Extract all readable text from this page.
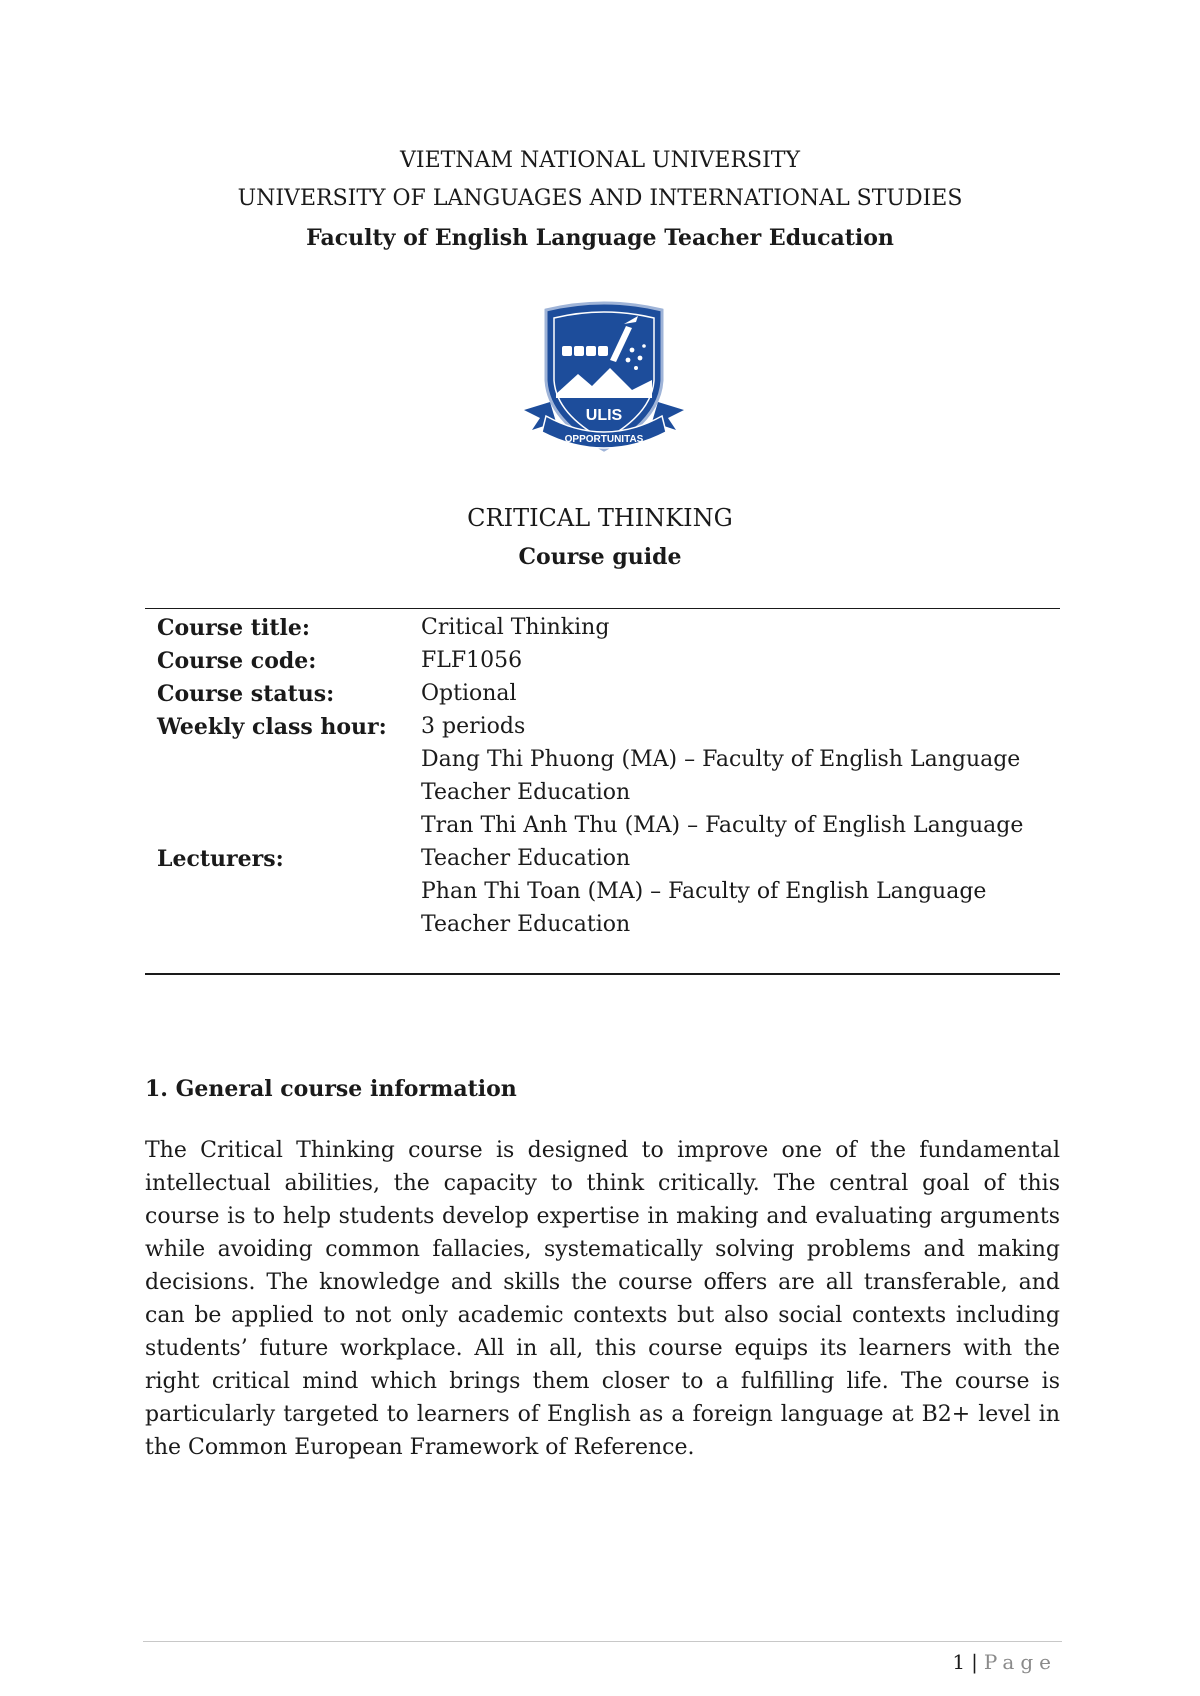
VIETNAM NATIONAL UNIVERSITY
UNIVERSITY OF LANGUAGES AND INTERNATIONAL STUDIES
Faculty of English Language Teacher Education
ULIS
OPPORTUNITAS
CRITICAL THINKING
Course guide
Course title:	Critical Thinking
Course code:	FLF1056
Course status:	Optional
Weekly class hour: 3 periods
Lecturers:
Dang Thi Phuong (MA) – Faculty of English Language
Teacher Education
Tran Thi Anh Thu (MA) – Faculty of English Language
Teacher Education
Phan Thi Toan (MA) – Faculty of English Language
Teacher Education
1. General course information
The Critical Thinking course is designed to improve one of the fundamental intellectual abilities, the capacity to think critically. The central goal of this course is to help students develop expertise in making and evaluating arguments while avoiding common fallacies, systematically solving problems and making decisions. The knowledge and skills the course offers are all transferable, and can be applied to not only academic contexts but also social contexts including students’ future workplace. All in all, this course equips its learners with the right critical mind which brings them closer to a fulfilling life. The course is particularly targeted to learners of English as a foreign language at B2+ level in the Common European Framework of Reference.
1 | Page
